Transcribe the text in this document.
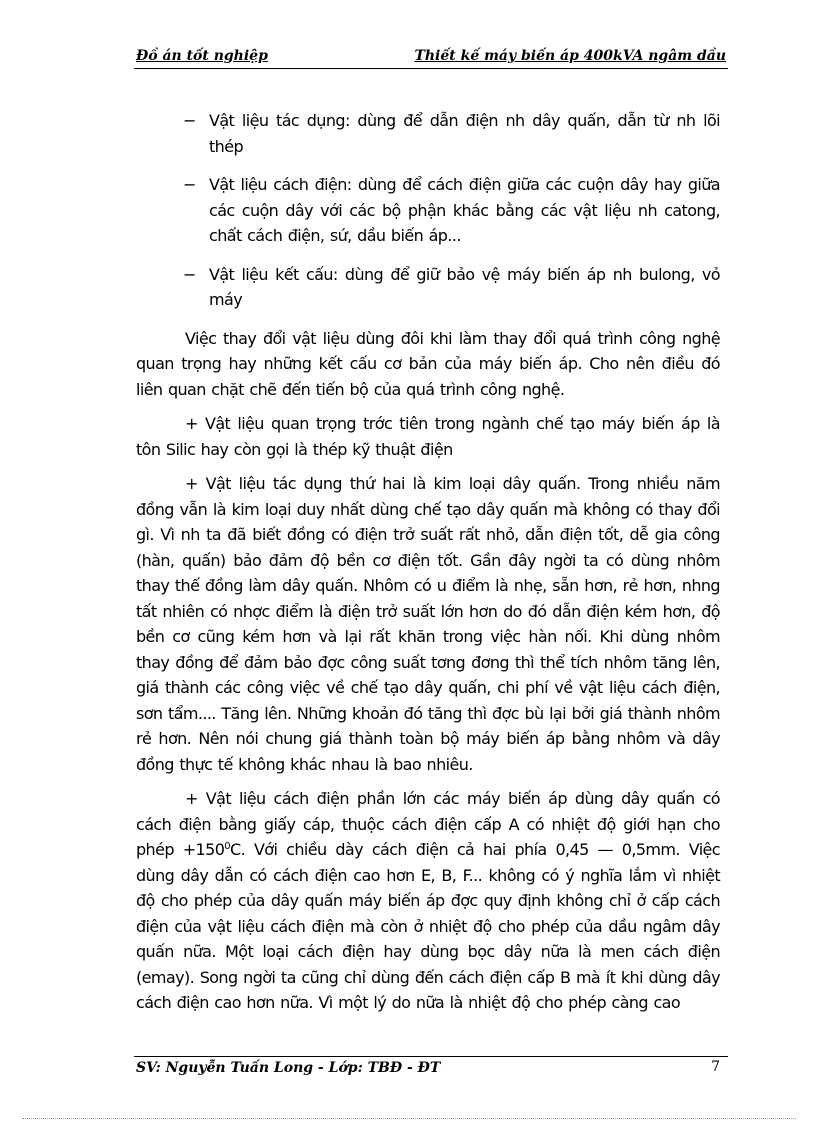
Đồ án tốt nghiệp	Thiết kế máy biến áp 400kVA ngâm dầu
− Vật liệu tác dụng: dùng để dẫn điện nh dây quấn, dẫn từ nh lõi thép
− Vật liệu cách điện: dùng để cách điện giữa các cuộn dây hay giữa các cuộn dây với các bộ phận khác bằng các vật liệu nh catong, chất cách điện, sứ, dầu biến áp...
− Vật liệu kết cấu: dùng để giữ bảo vệ máy biến áp nh bulong, vỏ máy

Việc thay đổi vật liệu dùng đôi khi làm thay đổi quá trình công nghệ quan trọng hay những kết cấu cơ bản của máy biến áp. Cho nên điều đó liên quan chặt chẽ đến tiến bộ của quá trình công nghệ.

+ Vật liệu quan trọng trớc tiên trong ngành chế tạo máy biến áp là tôn Silic hay còn gọi là thép kỹ thuật điện

+ Vật liệu tác dụng thứ hai là kim loại dây quấn. Trong nhiều năm đồng vẫn là kim loại duy nhất dùng chế tạo dây quấn mà không có thay đổi gì. Vì nh ta đã biết đồng có điện trở suất rất nhỏ, dẫn điện tốt, dễ gia công (hàn, quấn) bảo đảm độ bền cơ điện tốt. Gần đây ngời ta có dùng nhôm thay thế đồng làm dây quấn. Nhôm có u điểm là nhẹ, sẵn hơn, rẻ hơn, nhng tất nhiên có nhợc điểm là điện trở suất lớn hơn do đó dẫn điện kém hơn, độ bền cơ cũng kém hơn và lại rất khăn trong việc hàn nối. Khi dùng nhôm thay đồng để đảm bảo đợc công suất tơng đơng thì thể tích nhôm tăng lên, giá thành các công việc về chế tạo dây quấn, chi phí về vật liệu cách điện, sơn tẩm.... Tăng lên. Những khoản đó tăng thì đợc bù lại bởi giá thành nhôm rẻ hơn. Nên nói chung giá thành toàn bộ máy biến áp bằng nhôm và dây đồng thực tế không khác nhau là bao nhiêu.

+ Vật liệu cách điện phần lớn các máy biến áp dùng dây quấn có cách điện bằng giấy cáp, thuộc cách điện cấp A có nhiệt độ giới hạn cho phép $+150^0C$. Với chiều dày cách điện cả hai phía 0,45 — 0,5mm. Việc dùng dây dẫn có cách điện cao hơn E, B, F... không có ý nghĩa lắm vì nhiệt độ cho phép của dây quấn máy biến áp đợc quy định không chỉ ở cấp cách điện của vật liệu cách điện mà còn ở nhiệt độ cho phép của dầu ngâm dây quấn nữa. Một loại cách điện hay dùng bọc dây nữa là men cách điện (emay). Song ngời ta cũng chỉ dùng đến cách điện cấp B mà ít khi dùng dây cách điện cao hơn nữa. Vì một lý do nữa là nhiệt độ cho phép càng cao

SV: Nguyễn Tuấn Long - Lớp: TBĐ - ĐT	7
